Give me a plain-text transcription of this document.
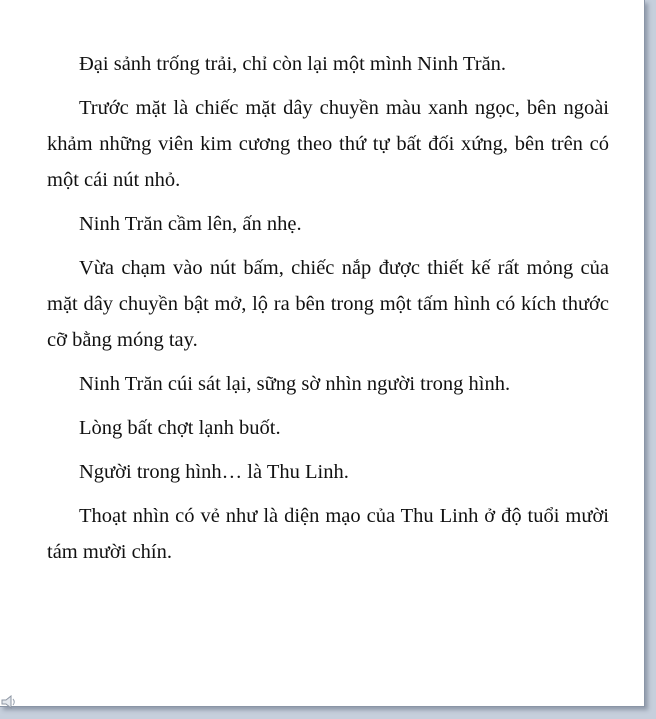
Đại sảnh trống trải, chỉ còn lại một mình Ninh Trăn.

Trước mặt là chiếc mặt dây chuyền màu xanh ngọc, bên ngoài khảm những viên kim cương theo thứ tự bất đối xứng, bên trên có một cái nút nhỏ.

Ninh Trăn cầm lên, ấn nhẹ.

Vừa chạm vào nút bấm, chiếc nắp được thiết kế rất mỏng của mặt dây chuyền bật mở, lộ ra bên trong một tấm hình có kích thước cỡ bằng móng tay.

Ninh Trăn cúi sát lại, sững sờ nhìn người trong hình.

Lòng bất chợt lạnh buốt.

Người trong hình… là Thu Linh.

Thoạt nhìn có vẻ như là diện mạo của Thu Linh ở độ tuổi mười tám mười chín.
